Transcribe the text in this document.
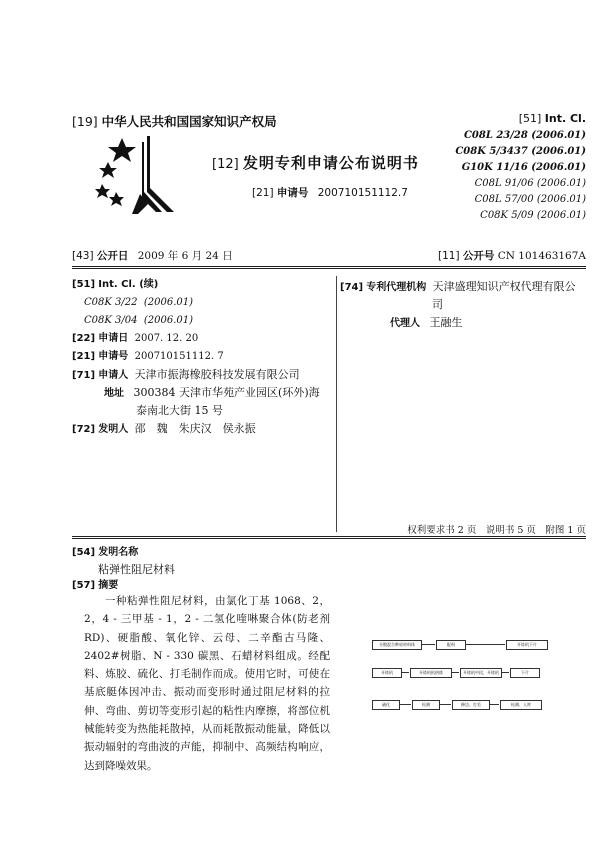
[19] 中华人民共和国国家知识产权局
[12] 发明专利申请公布说明书
[21] 申请号 200710151112.7
[51] Int. Cl.
C08L 23/28 (2006.01)
C08K 5/3437 (2006.01)
G10K 11/16 (2006.01)
C08L 91/06 (2006.01)
C08L 57/00 (2006.01)
C08K 5/09 (2006.01)
[43] 公开日 2009 年 6 月 24 日	[11] 公开号 CN 101463167A
[51] Int. Cl. (续)
C08K 3/22 (2006.01)
C08K 3/04 (2006.01)
[22] 申请日 2007. 12. 20
[21] 申请号 200710151112. 7
[71] 申请人 天津市振海橡胶科技发展有限公司
地址 300384 天津市华苑产业园区(环外)海
泰南北大街 15 号
[72] 发明人 邵　魏　朱庆汉　侯永振
[74] 专利代理机构 天津盛理知识产权代理有限公
司
代理人 王融生
权利要求书 2 页　说明书 5 页　附图 1 页
[54] 发明名称
粘弹性阻尼材料
[57] 摘要
一种粘弹性阻尼材料，由氯化丁基 1068、2，2，4 - 三甲基 - 1，2 - 二氢化喹啉聚合体(防老剂 RD)、硬脂酸、氧化锌、云母、二辛酯古马隆、2402#树脂、N - 330 碳黑、石蜡材料组成。经配料、炼胶、硫化、打毛制作而成。使用它时，可使在基底艇体因冲击、振动而变形时通过阻尼材料的拉伸、弯曲、剪切等变形引起的粘性内摩擦，将部位机械能转变为热能耗散掉，从而耗散振动能量，降低以振动辐射的弯曲波的声能，抑制中、高频结构响应，达到降噪效果。
分散混合种原材料体	配料	开炼机下片
开炼机	开炼机机热练	开炼机中段，开炼机	下片
硫化	检测	修边、打毛	检测、入库
